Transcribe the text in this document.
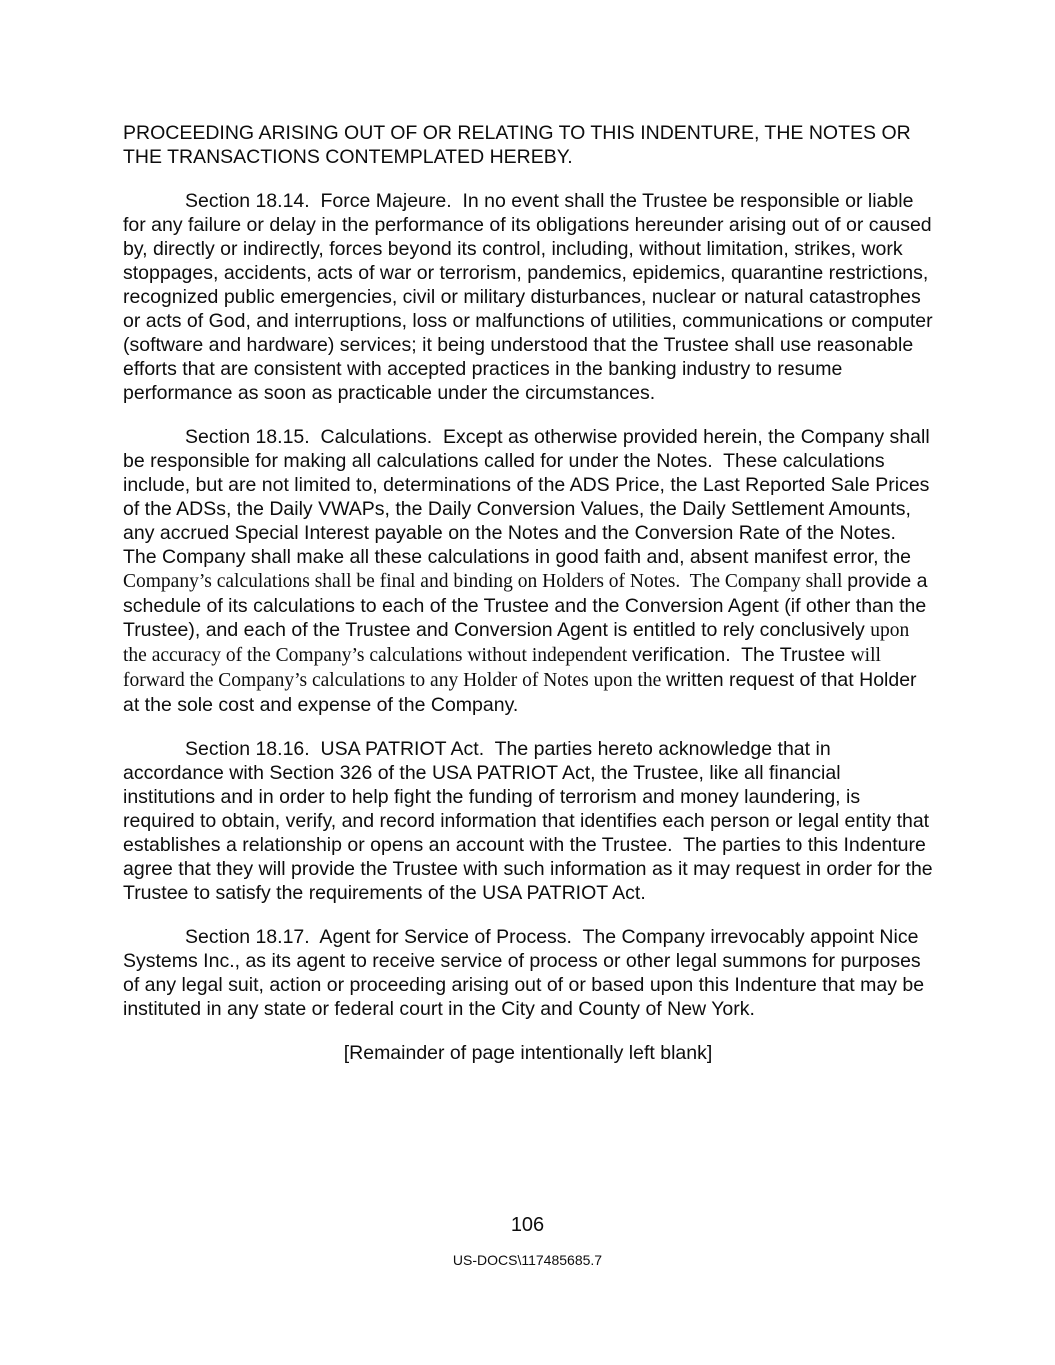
PROCEEDING ARISING OUT OF OR RELATING TO THIS INDENTURE, THE NOTES OR THE TRANSACTIONS CONTEMPLATED HEREBY.

Section 18.14.  Force Majeure.  In no event shall the Trustee be responsible or liable for any failure or delay in the performance of its obligations hereunder arising out of or caused by, directly or indirectly, forces beyond its control, including, without limitation, strikes, work stoppages, accidents, acts of war or terrorism, pandemics, epidemics, quarantine restrictions, recognized public emergencies, civil or military disturbances, nuclear or natural catastrophes or acts of God, and interruptions, loss or malfunctions of utilities, communications or computer (software and hardware) services; it being understood that the Trustee shall use reasonable efforts that are consistent with accepted practices in the banking industry to resume performance as soon as practicable under the circumstances.

Section 18.15.  Calculations.  Except as otherwise provided herein, the Company shall be responsible for making all calculations called for under the Notes.  These calculations include, but are not limited to, determinations of the ADS Price, the Last Reported Sale Prices of the ADSs, the Daily VWAPs, the Daily Conversion Values, the Daily Settlement Amounts, any accrued Special Interest payable on the Notes and the Conversion Rate of the Notes.  The Company shall make all these calculations in good faith and, absent manifest error, the Company’s calculations shall be final and binding on Holders of Notes.  The Company shall provide a schedule of its calculations to each of the Trustee and the Conversion Agent (if other than the Trustee), and each of the Trustee and Conversion Agent is entitled to rely conclusively upon the accuracy of the Company’s calculations without independent verification.  The Trustee will forward the Company’s calculations to any Holder of Notes upon the written request of that Holder at the sole cost and expense of the Company.

Section 18.16.  USA PATRIOT Act.  The parties hereto acknowledge that in accordance with Section 326 of the USA PATRIOT Act, the Trustee, like all financial institutions and in order to help fight the funding of terrorism and money laundering, is required to obtain, verify, and record information that identifies each person or legal entity that establishes a relationship or opens an account with the Trustee.  The parties to this Indenture agree that they will provide the Trustee with such information as it may request in order for the Trustee to satisfy the requirements of the USA PATRIOT Act.

Section 18.17.  Agent for Service of Process.  The Company irrevocably appoint Nice Systems Inc., as its agent to receive service of process or other legal summons for purposes of any legal suit, action or proceeding arising out of or based upon this Indenture that may be instituted in any state or federal court in the City and County of New York.

[Remainder of page intentionally left blank]

106
US-DOCS\117485685.7
